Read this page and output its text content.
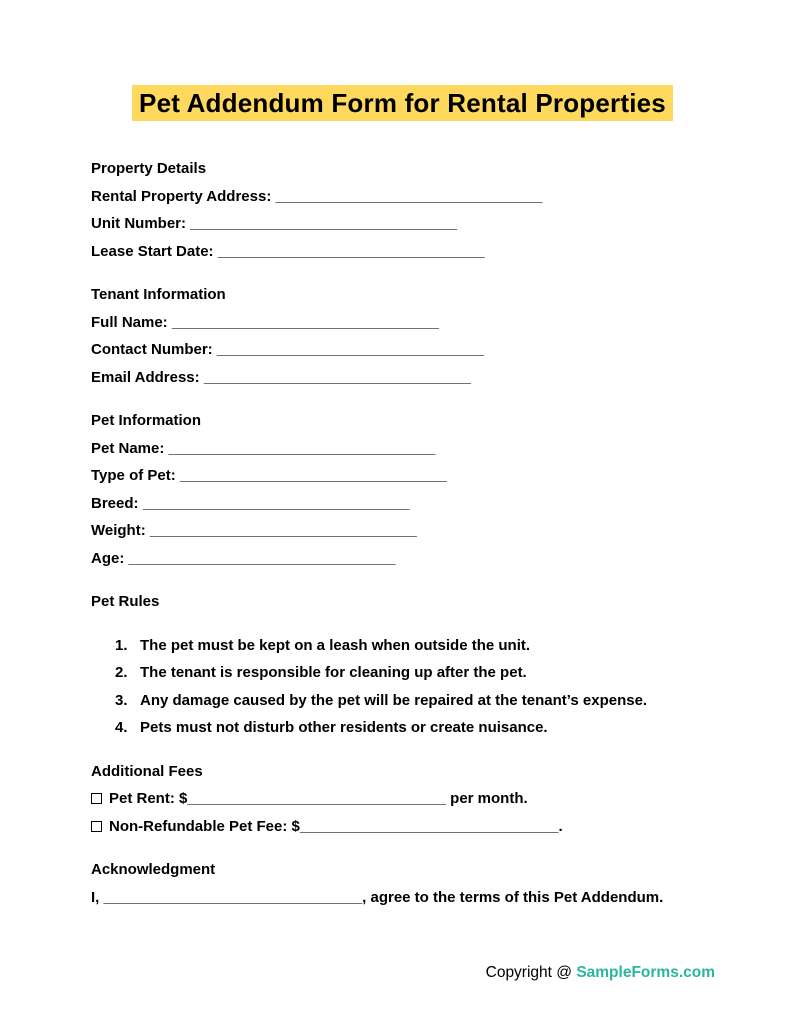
Pet Addendum Form for Rental Properties
Property Details
Rental Property Address: ________________________________
Unit Number: ________________________________
Lease Start Date: ________________________________
Tenant Information
Full Name: ________________________________
Contact Number: ________________________________
Email Address: ________________________________
Pet Information
Pet Name: ________________________________
Type of Pet: ________________________________
Breed: ________________________________
Weight: ________________________________
Age: ________________________________
Pet Rules
1. The pet must be kept on a leash when outside the unit.
2. The tenant is responsible for cleaning up after the pet.
3. Any damage caused by the pet will be repaired at the tenant’s expense.
4. Pets must not disturb other residents or create nuisance.
Additional Fees
Pet Rent: $_______________________________ per month.
Non-Refundable Pet Fee: $_______________________________.
Acknowledgment
I, _______________________________, agree to the terms of this Pet Addendum.
Copyright @ SampleForms.com
